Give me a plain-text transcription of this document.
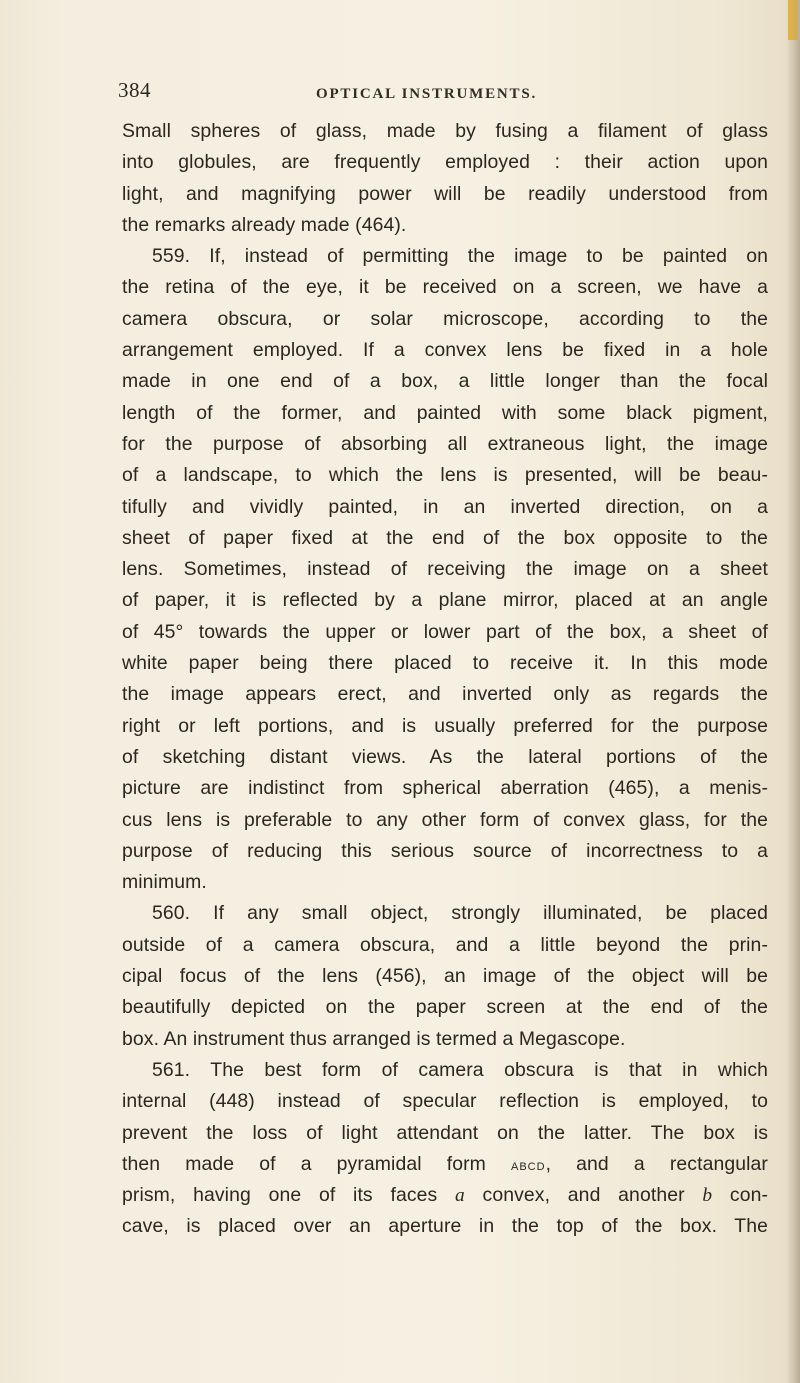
384	OPTICAL INSTRUMENTS.
Small spheres of glass, made by fusing a filament of glass
into globules, are frequently employed : their action upon
light, and magnifying power will be readily understood from
the remarks already made (464).
559. If, instead of permitting the image to be painted on
the retina of the eye, it be received on a screen, we have a
camera obscura, or solar microscope, according to the
arrangement employed. If a convex lens be fixed in a hole
made in one end of a box, a little longer than the focal
length of the former, and painted with some black pigment,
for the purpose of absorbing all extraneous light, the image
of a landscape, to which the lens is presented, will be beau-
tifully and vividly painted, in an inverted direction, on a
sheet of paper fixed at the end of the box opposite to the
lens. Sometimes, instead of receiving the image on a sheet
of paper, it is reflected by a plane mirror, placed at an angle
of 45° towards the upper or lower part of the box, a sheet of
white paper being there placed to receive it. In this mode
the image appears erect, and inverted only as regards the
right or left portions, and is usually preferred for the purpose
of sketching distant views. As the lateral portions of the
picture are indistinct from spherical aberration (465), a menis-
cus lens is preferable to any other form of convex glass, for the
purpose of reducing this serious source of incorrectness to a
minimum.
560. If any small object, strongly illuminated, be placed
outside of a camera obscura, and a little beyond the prin-
cipal focus of the lens (456), an image of the object will be
beautifully depicted on the paper screen at the end of the
box. An instrument thus arranged is termed a Megascope.
561. The best form of camera obscura is that in which
internal (448) instead of specular reflection is employed, to
prevent the loss of light attendant on the latter. The box is
then made of a pyramidal form abcd, and a rectangular
prism, having one of its faces a convex, and another b con-
cave, is placed over an aperture in the top of the box. The
